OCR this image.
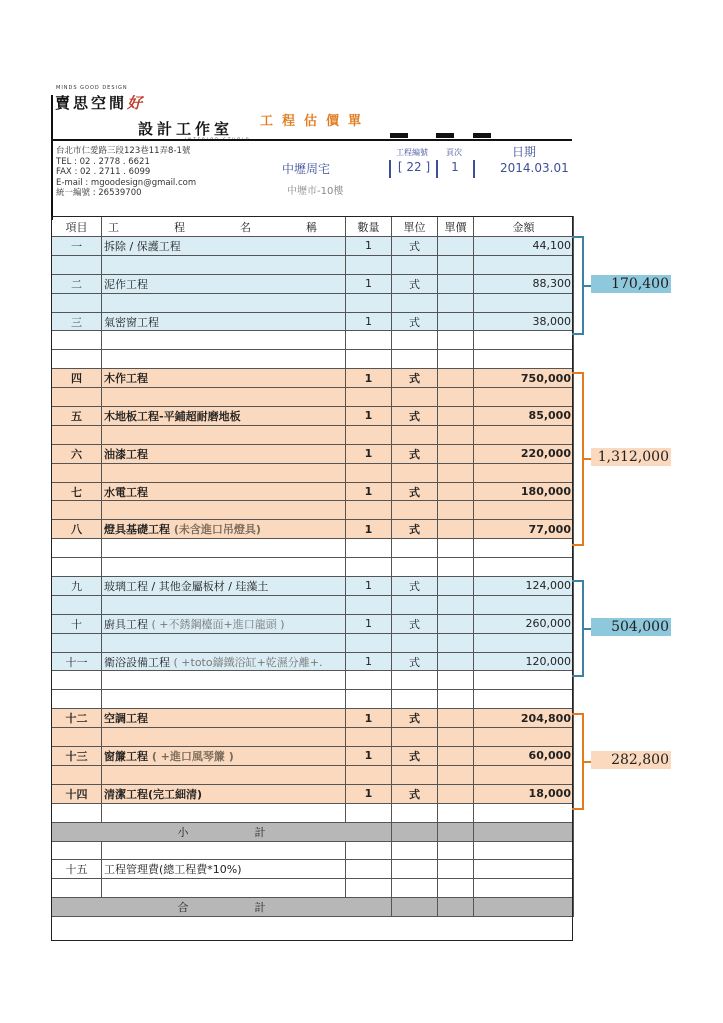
MINDS GOOD DESIGN
賣思空間好
設計工作室 工程估價單
台北市仁愛路三段123巷11弄8-1號
TEL : 02 . 2778 . 6621
FAX : 02 . 2711 . 6099
E-mail : mgoodesign@gmail.com
統一編號 : 26539700
中壢周宅
中壢市-10樓
工程編號 頁次	日期
[ 22 ]	1	2014.03.01
項目	工　程　名　稱	數量	單位	單價	金額
一	拆除 / 保護工程	1	式		44,100

二	泥作工程	1	式		88,300

三	氣密窗工程	1	式		38,000

四	木作工程	1	式		750,000

五	木地板工程-平鋪超耐磨地板	1	式		85,000

六	油漆工程	1	式		220,000

七	水電工程	1	式		180,000

八	燈具基礎工程 (未含進口吊燈具)	1	式		77,000

九	玻璃工程 / 其他金屬板材 / 珪藻土	1	式		124,000

十	廚具工程 ( +不銹鋼檯面+進口龍頭 )	1	式		260,000

十一	衛浴設備工程 ( +toto鑄鐵浴缸+乾濕分離+.	1	式		120,000

十二	空調工程	1	式		204,800

十三	窗簾工程 ( +進口風琴簾 )	1	式		60,000

十四	清潔工程(完工細清)	1	式		18,000

小　　　　　　計					

十五	工程管理費(總工程費*10%)				

合　　　　　　計					
170,400
1,312,000
504,000
282,800
